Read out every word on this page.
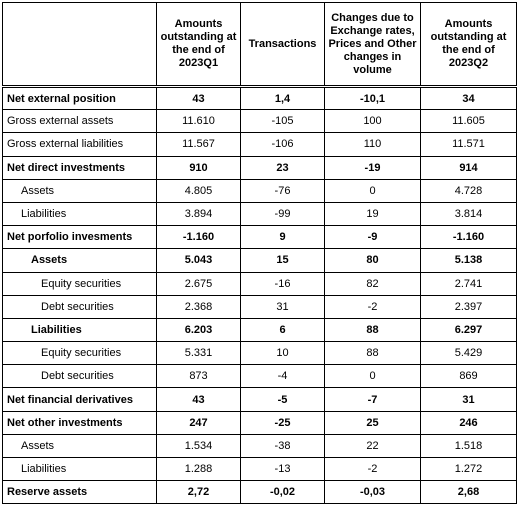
	Amounts outstanding at the end of 2023Q1	Transactions	Changes due to Exchange rates, Prices and Other changes in volume	Amounts outstanding at the end of 2023Q2
Net external position	43	1,4	-10,1	34
Gross external assets	11.610	-105	100	11.605
Gross external liabilities	11.567	-106	110	11.571
Net direct investments	910	23	-19	914
Assets	4.805	-76	0	4.728
Liabilities	3.894	-99	19	3.814
Net porfolio invesments	-1.160	9	-9	-1.160
Assets	5.043	15	80	5.138
Equity securities	2.675	-16	82	2.741
Debt securities	2.368	31	-2	2.397
Liabilities	6.203	6	88	6.297
Equity securities	5.331	10	88	5.429
Debt securities	873	-4	0	869
Net financial derivatives	43	-5	-7	31
Net other investments	247	-25	25	246
Assets	1.534	-38	22	1.518
Liabilities	1.288	-13	-2	1.272
Reserve assets	2,72	-0,02	-0,03	2,68
